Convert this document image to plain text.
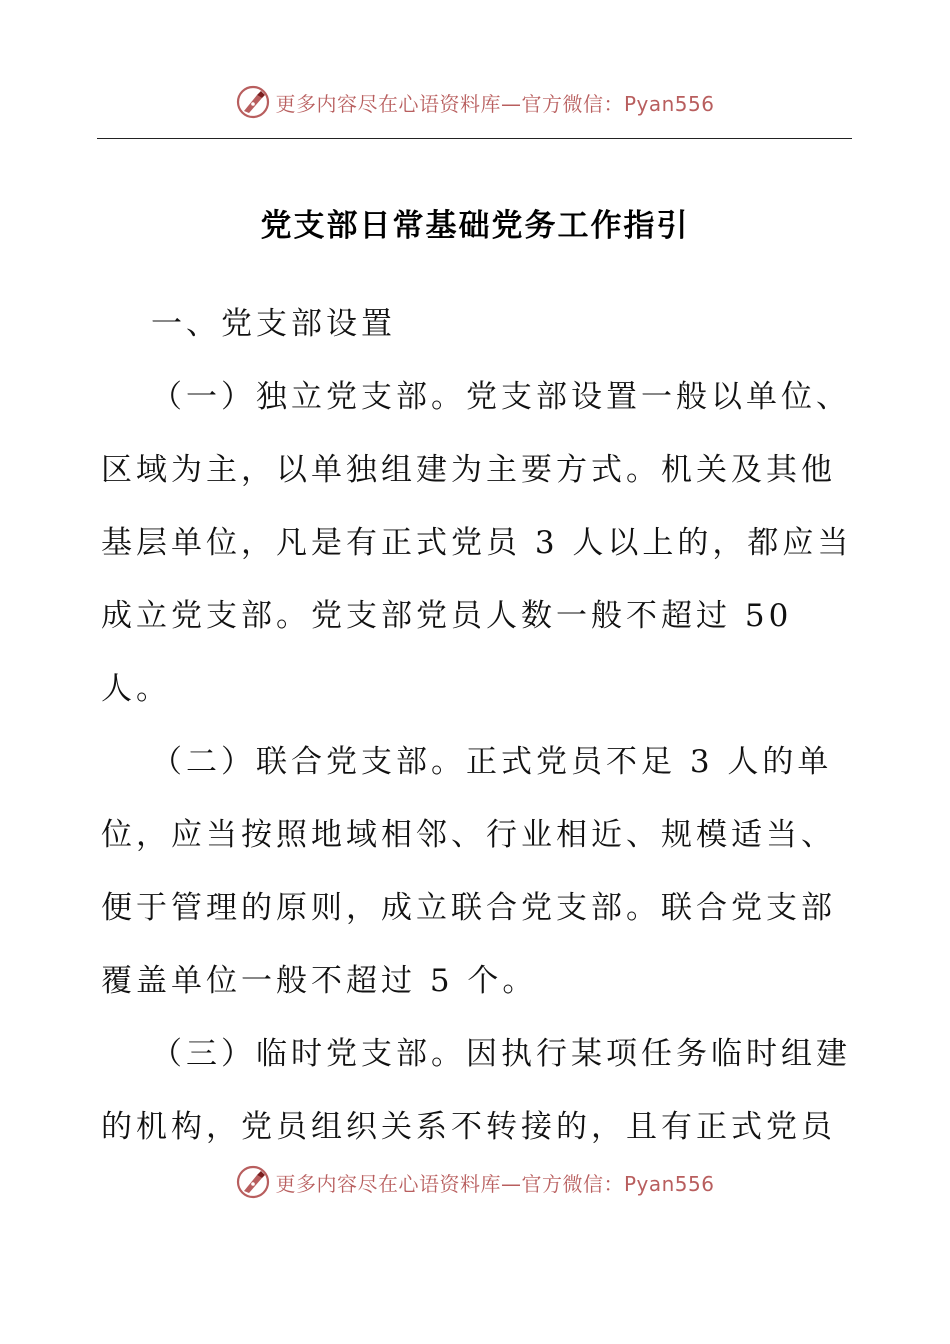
更多内容尽在心语资料库—官方微信：Pyan556
党支部日常基础党务工作指引

一、党支部设置

（一）独立党支部。党支部设置一般以单位、区域为主，以单独组建为主要方式。机关及其他基层单位，凡是有正式党员 3 人以上的，都应当成立党支部。党支部党员人数一般不超过 50 人。

（二）联合党支部。正式党员不足 3 人的单位，应当按照地域相邻、行业相近、规模适当、便于管理的原则，成立联合党支部。联合党支部覆盖单位一般不超过 5 个。

（三）临时党支部。因执行某项任务临时组建的机构，党员组织关系不转接的，且有正式党员

更多内容尽在心语资料库—官方微信：Pyan556
